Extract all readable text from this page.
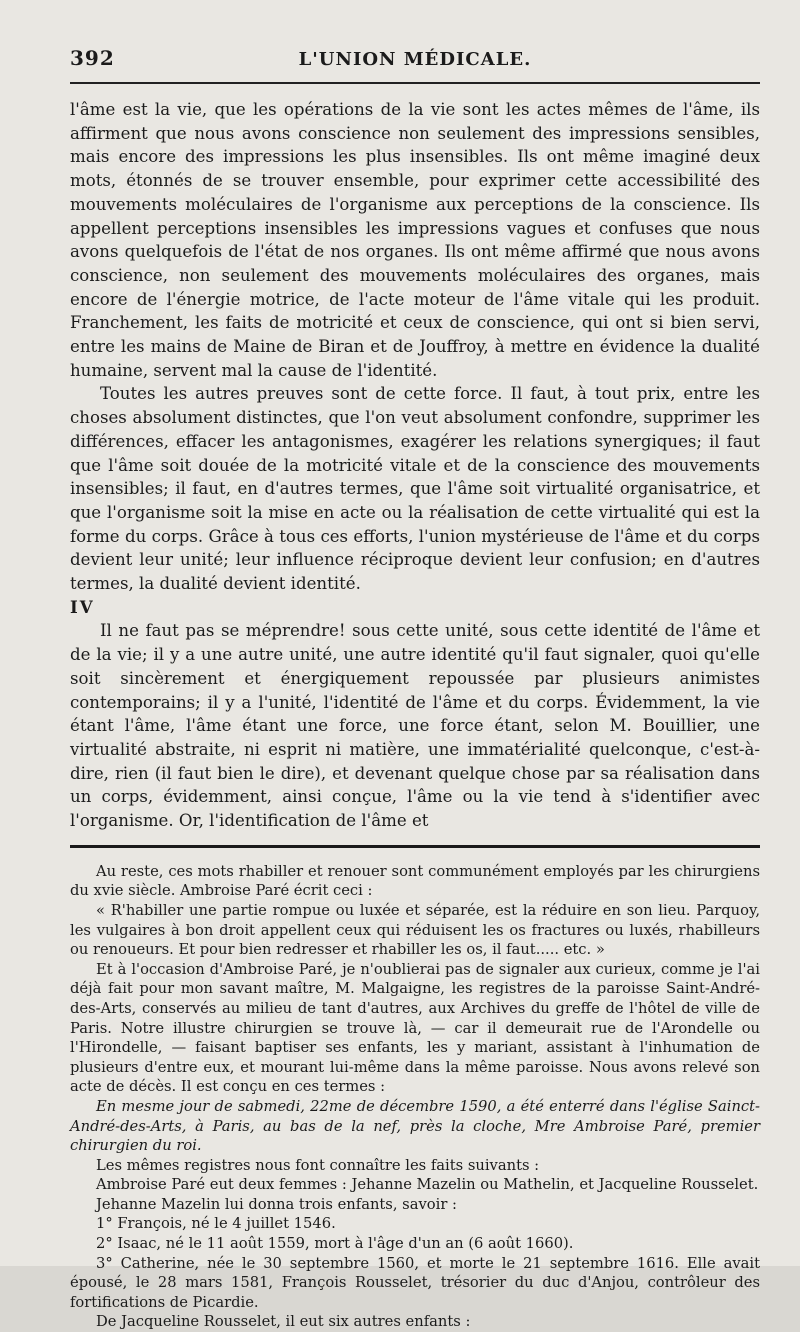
392	L'UNION MÉDICALE.

l'âme est la vie, que les opérations de la vie sont les actes mêmes de l'âme, ils affirment que nous avons conscience non seulement des impressions sensibles, mais encore des impressions les plus insensibles. Ils ont même imaginé deux mots, étonnés de se trouver ensemble, pour exprimer cette accessibilité des mouvements moléculaires de l'organisme aux perceptions de la conscience. Ils appellent perceptions insensibles les impressions vagues et confuses que nous avons quelquefois de l'état de nos organes. Ils ont même affirmé que nous avons conscience, non seulement des mouvements moléculaires des organes, mais encore de l'énergie motrice, de l'acte moteur de l'âme vitale qui les produit. Franchement, les faits de motricité et ceux de conscience, qui ont si bien servi, entre les mains de Maine de Biran et de Jouffroy, à mettre en évidence la dualité humaine, servent mal la cause de l'identité.

Toutes les autres preuves sont de cette force. Il faut, à tout prix, entre les choses absolument distinctes, que l'on veut absolument confondre, supprimer les différences, effacer les antagonismes, exagérer les relations synergiques; il faut que l'âme soit douée de la motricité vitale et de la conscience des mouvements insensibles; il faut, en d'autres termes, que l'âme soit virtualité organisatrice, et que l'organisme soit la mise en acte ou la réalisation de cette virtualité qui est la forme du corps. Grâce à tous ces efforts, l'union mystérieuse de l'âme et du corps devient leur unité; leur influence réciproque devient leur confusion; en d'autres termes, la dualité devient identité.

IV

Il ne faut pas se méprendre! sous cette unité, sous cette identité de l'âme et de la vie; il y a une autre unité, une autre identité qu'il faut signaler, quoi qu'elle soit sincèrement et énergiquement repoussée par plusieurs animistes contemporains; il y a l'unité, l'identité de l'âme et du corps. Évidemment, la vie étant l'âme, l'âme étant une force, une force étant, selon M. Bouillier, une virtualité abstraite, ni esprit ni matière, une immatérialité quelconque, c'est-à-dire, rien (il faut bien le dire), et devenant quelque chose par sa réalisation dans un corps, évidemment, ainsi conçue, l'âme ou la vie tend à s'identifier avec l'organisme. Or, l'identification de l'âme et

Au reste, ces mots rhabiller et renouer sont communément employés par les chirurgiens du xvie siècle. Ambroise Paré écrit ceci :

« R'habiller une partie rompue ou luxée et séparée, est la réduire en son lieu. Parquoy, les vulgaires à bon droit appellent ceux qui réduisent les os fractures ou luxés, rhabilleurs ou renoueurs. Et pour bien redresser et rhabiller les os, il faut..... etc. »

Et à l'occasion d'Ambroise Paré, je n'oublierai pas de signaler aux curieux, comme je l'ai déjà fait pour mon savant maître, M. Malgaigne, les registres de la paroisse Saint-André-des-Arts, conservés au milieu de tant d'autres, aux Archives du greffe de l'hôtel de ville de Paris. Notre illustre chirurgien se trouve là, — car il demeurait rue de l'Arondelle ou l'Hirondelle, — faisant baptiser ses enfants, les y mariant, assistant à l'inhumation de plusieurs d'entre eux, et mourant lui-même dans la même paroisse. Nous avons relevé son acte de décès. Il est conçu en ces termes :

En mesme jour de sabmedi, 22me de décembre 1590, a été enterré dans l'église Sainct-André-des-Arts, à Paris, au bas de la nef, près la cloche, Mre Ambroise Paré, premier chirurgien du roi.

Les mêmes registres nous font connaître les faits suivants :

Ambroise Paré eut deux femmes : Jehanne Mazelin ou Mathelin, et Jacqueline Rousselet.

Jehanne Mazelin lui donna trois enfants, savoir :

1° François, né le 4 juillet 1546.

2° Isaac, né le 11 août 1559, mort à l'âge d'un an (6 août 1660).

3° Catherine, née le 30 septembre 1560, et morte le 21 septembre 1616. Elle avait épousé, le 28 mars 1581, François Rousselet, trésorier du duc d'Anjou, contrôleur des fortifications de Picardie.

De Jacqueline Rousselet, il eut six autres enfants :
